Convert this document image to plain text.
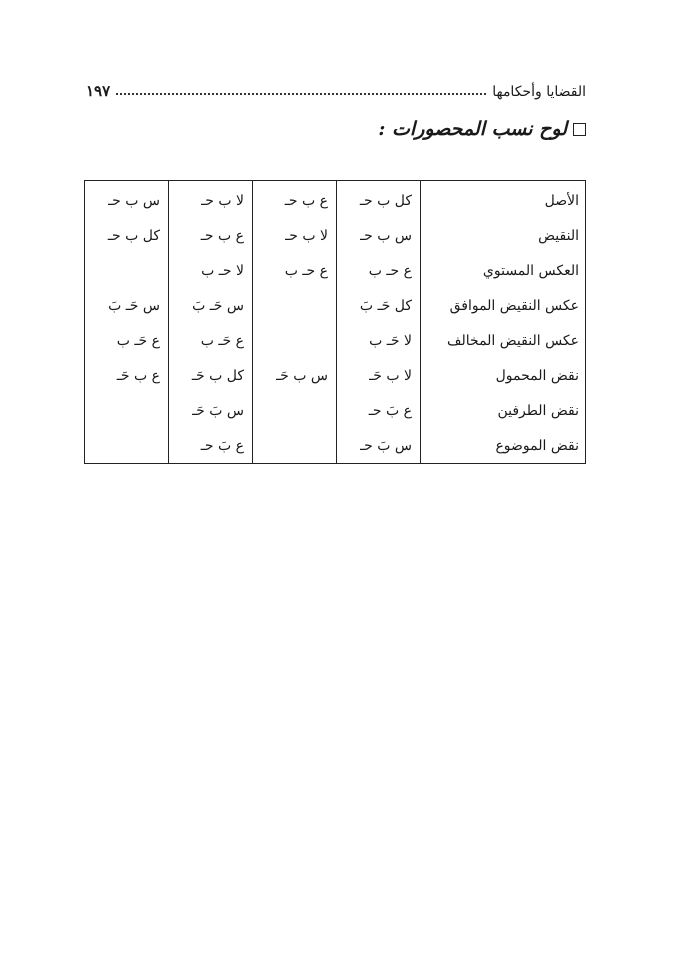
القضايا وأحكامها
١٩٧
لوح نسب المحصورات :
الأصل	كل ب حـ	ع ب حـ	لا ب حـ	س ب حـ
النقيض	س ب حـ	لا ب حـ	ع ب حـ	كل ب حـ
العكس المستوي	ع حـ ب	ع حـ ب	لا حـ ب	
عكس النقيض الموافق	كل حَـ بَ		س حَـ بَ	س حَـ بَ
عكس النقيض المخالف	لا حَـ ب		ع حَـ ب	ع حَـ ب
نقض المحمول	لا ب حَـ	س ب حَـ	كل ب حَـ	ع ب حَـ
نقض الطرفين	ع بَ حـ		س بَ حَـ	
نقض الموضوع	س بَ حـ		ع بَ حـ	
